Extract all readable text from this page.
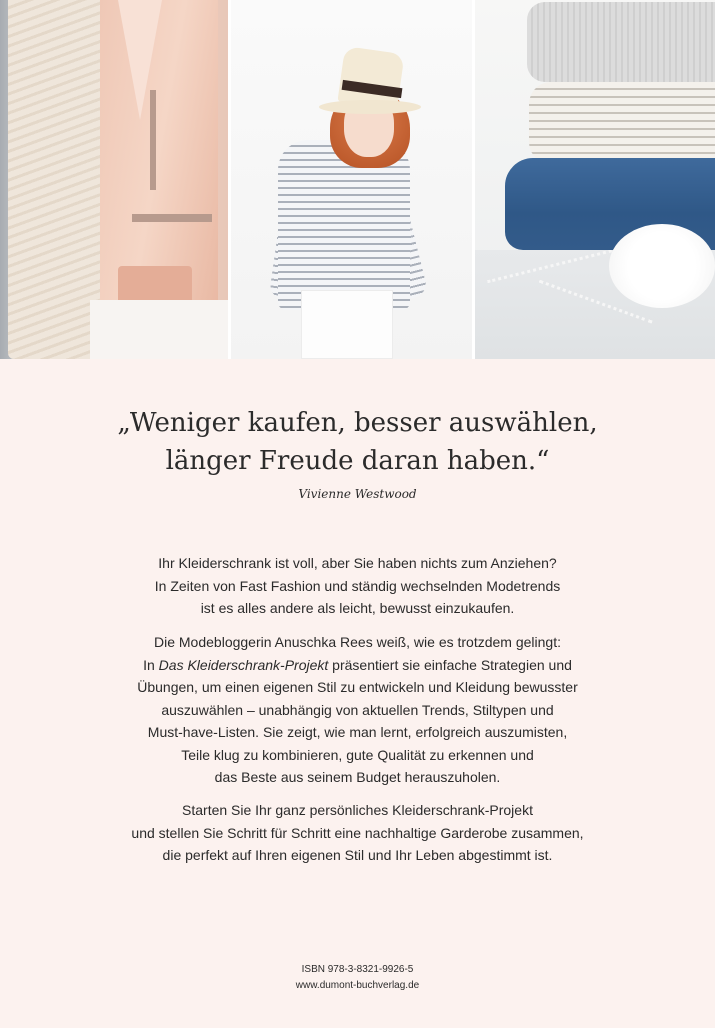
„Weniger kaufen, besser auswählen,
länger Freude daran haben.“
Vivienne Westwood
Ihr Kleiderschrank ist voll, aber Sie haben nichts zum Anziehen?
In Zeiten von Fast Fashion und ständig wechselnden Modetrends
ist es alles andere als leicht, bewusst einzukaufen.
Die Modebloggerin Anuschka Rees weiß, wie es trotzdem gelingt:
In Das Kleiderschrank-Projekt präsentiert sie einfache Strategien und
Übungen, um einen eigenen Stil zu entwickeln und Kleidung bewusster
auszuwählen – unabhängig von aktuellen Trends, Stiltypen und
Must-have-Listen. Sie zeigt, wie man lernt, erfolgreich auszumisten,
Teile klug zu kombinieren, gute Qualität zu erkennen und
das Beste aus seinem Budget herauszuholen.
Starten Sie Ihr ganz persönliches Kleiderschrank-Projekt
und stellen Sie Schritt für Schritt eine nachhaltige Garderobe zusammen,
die perfekt auf Ihren eigenen Stil und Ihr Leben abgestimmt ist.
ISBN 978-3-8321-9926-5
www.dumont-buchverlag.de
